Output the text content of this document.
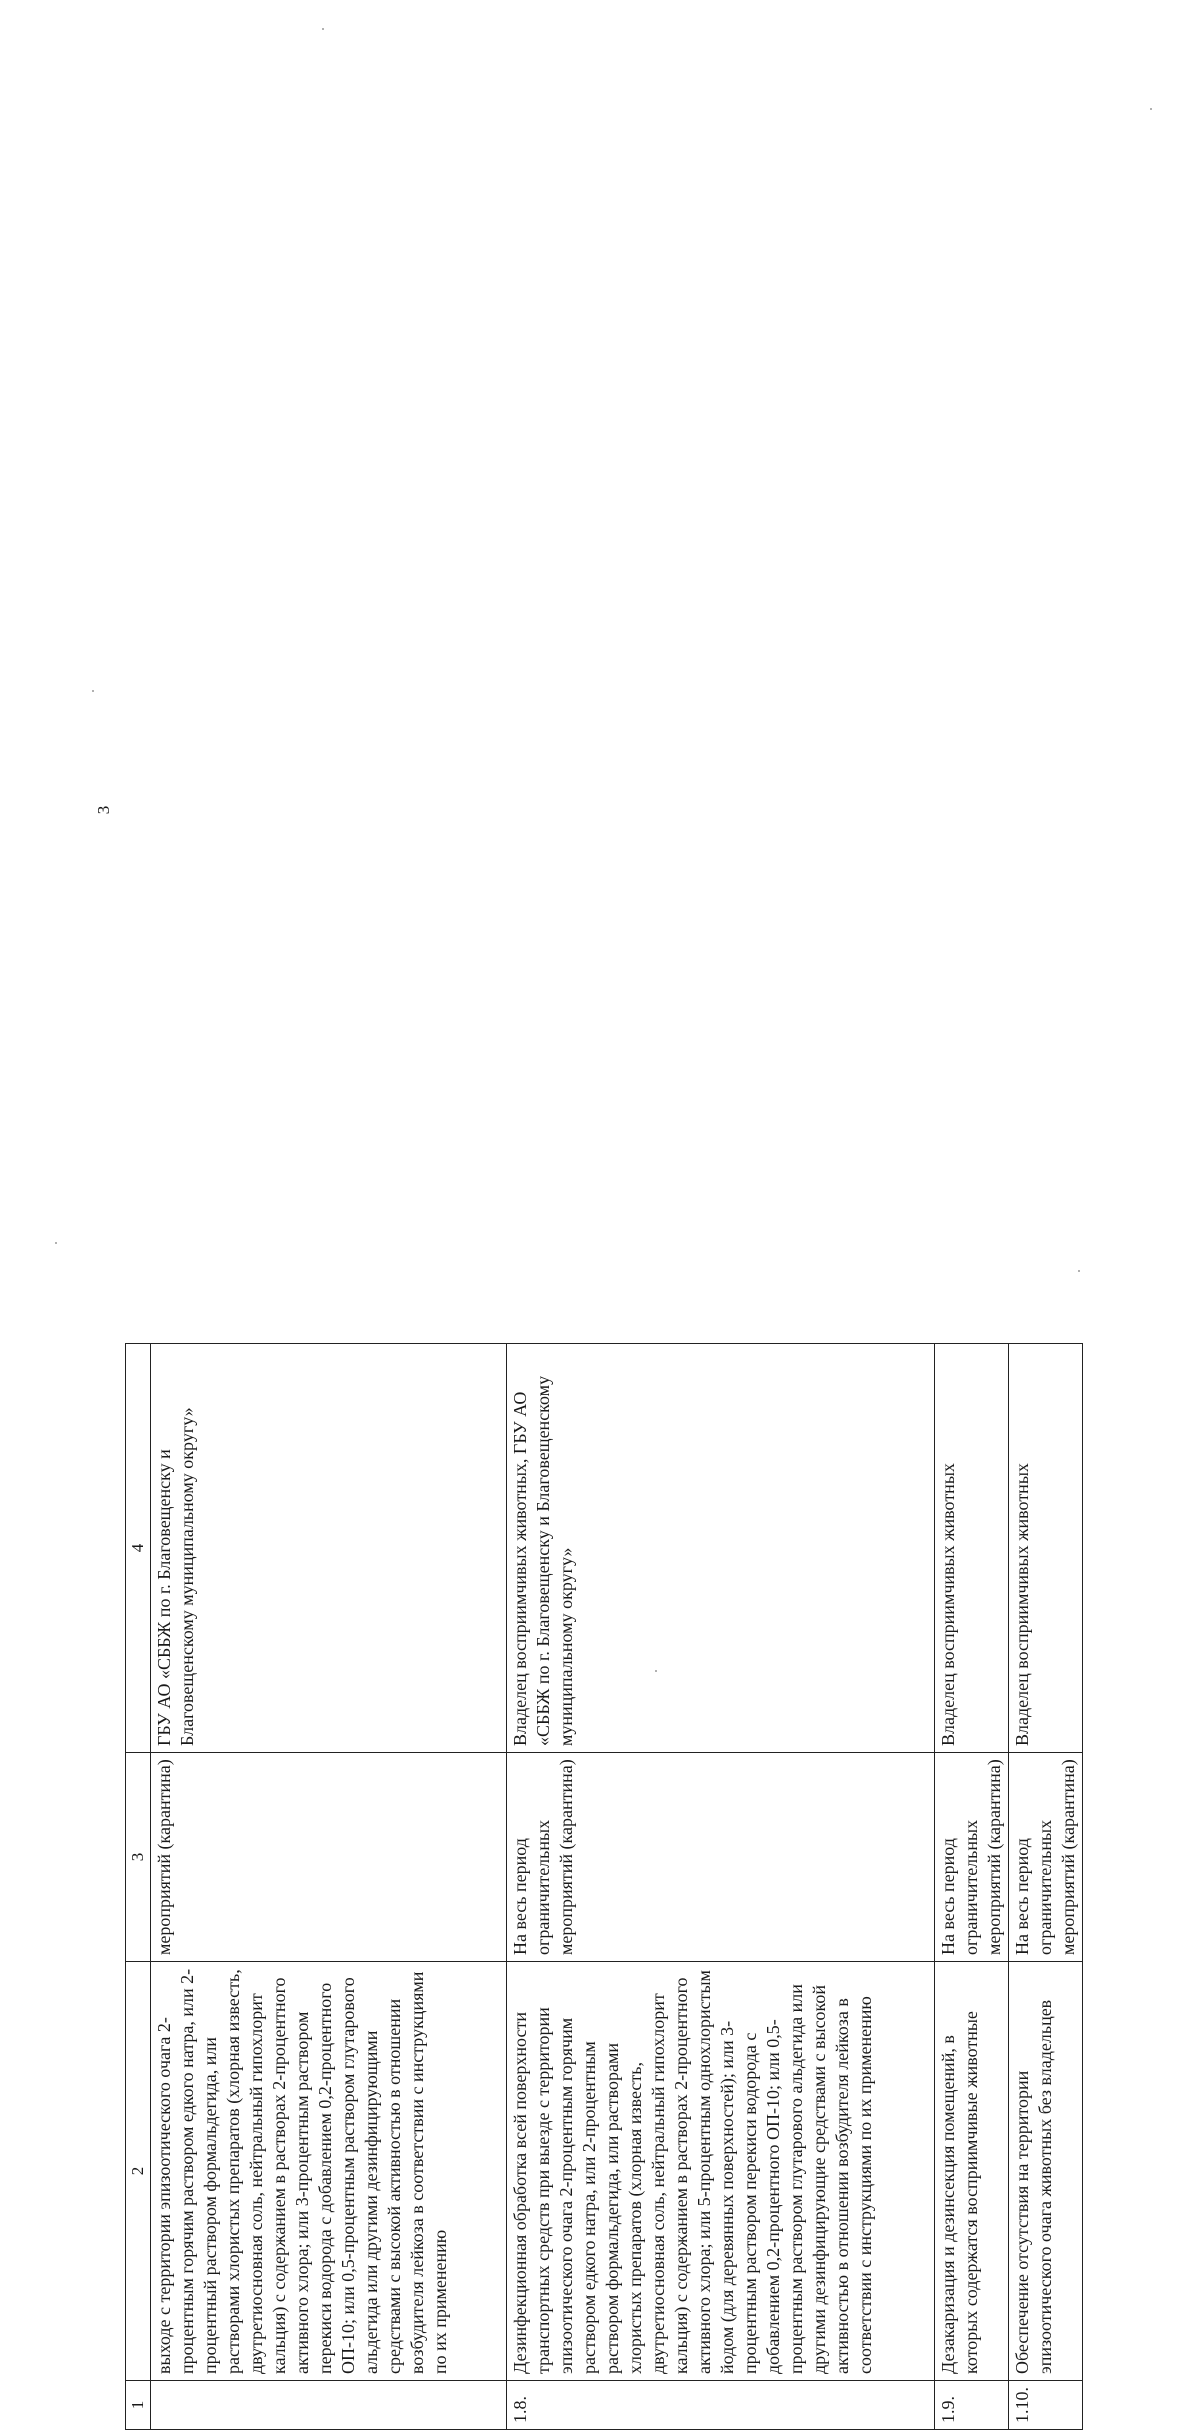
3
1	2	3	4
	выходе с территории эпизоотического очага 2-процентным горячим раствором едкого натра, или 2-процентный раствором формальдегида, или растворами хлористых препаратов (хлорная известь, двутретиосновная соль, нейтральный гипохлорит кальция) с содержанием в растворах 2-процентного активного хлора; или 3-процентным раствором перекиси водорода с добавлением 0,2-процентного ОП-10; или 0,5-процентным раствором глутарового альдегида или другими дезинфицирующими средствами с высокой активностью в отношении возбудителя лейкоза в соответствии с инструкциями по их применению	мероприятий (карантина)	ГБУ АО «СББЖ по г. Благовещенску и Благовещенскому муниципальному округу»
1.8.	Дезинфекционная обработка всей поверхности транспортных средств при выезде с территории эпизоотического очага 2-процентным горячим раствором едкого натра, или 2-процентным раствором формальдегида, или растворами хлористых препаратов (хлорная известь, двутретиосновная соль, нейтральный гипохлорит кальция) с содержанием в растворах 2-процентного активного хлора; или 5-процентным однохлористым йодом (для деревянных поверхностей); или 3-процентным раствором перекиси водорода с добавлением 0,2-процентного ОП-10; или 0,5-процентным раствором глутарового альдегида или другими дезинфицирующие средствами с высокой активностью в отношении возбудителя лейкоза в соответствии с инструкциями по их применению	На весь период ограничительных мероприятий (карантина)	Владелец восприимчивых животных, ГБУ АО «СББЖ по г. Благовещенску и Благовещенскому муниципальному округу»
1.9.	Дезакаризация и дезинсекция помещений, в которых содержатся восприимчивые животные	На весь период ограничительных мероприятий (карантина)	Владелец восприимчивых животных
1.10.	Обеспечение отсутствия на территории эпизоотического очага животных без владельцев	На весь период ограничительных мероприятий (карантина)	Владелец восприимчивых животных
